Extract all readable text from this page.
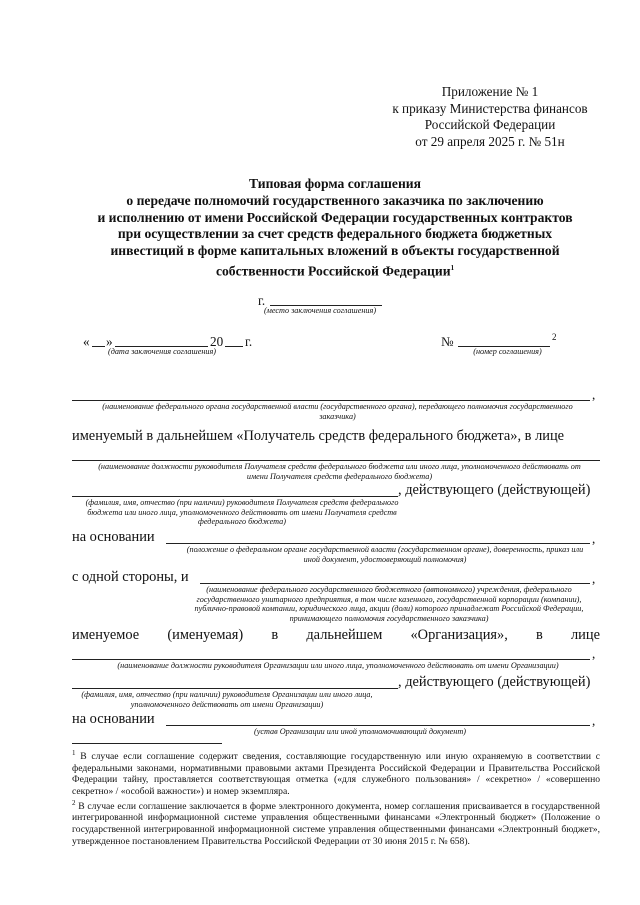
Приложение № 1
к приказу Министерства финансов
Российской Федерации
от 29 апреля 2025 г. № 51н
Типовая форма соглашения
о передаче полномочий государственного заказчика по заключению
и исполнению от имени Российской Федерации государственных контрактов
при осуществлении за счет средств федерального бюджета бюджетных
инвестиций в форме капитальных вложений в объекты государственной
собственности Российской Федерации$^1$
г.
(место заключения соглашения)
« »	20 г.
(дата заключения соглашения)
№	2
(номер соглашения)
,
(наименование федерального органа государственной власти (государственного органа), передающего полномочия государственного заказчика)
именуемый в дальнейшем «Получатель средств федерального бюджета», в лице
(наименование должности руководителя Получателя средств федерального бюджета или иного лица, уполномоченного действовать от имени Получателя средств федерального бюджета)
, действующего (действующей)
(фамилия, имя, отчество (при наличии) руководителя Получателя средств федерального бюджета или иного лица, уполномоченного действовать от имени Получателя средств федерального бюджета)
на основании	,
(положение о федеральном органе государственной власти (государственном органе), доверенность, приказ или иной документ, удостоверяющий полномочия)
с одной стороны, и	,
(наименование федерального государственного бюджетного (автономного) учреждения, федерального государственного унитарного предприятия, в том числе казенного, государственной корпорации (компании), публично-правовой компании, юридического лица, акции (доли) которого принадлежат Российской Федерации, принимающего полномочия государственного заказчика)
именуемое (именуемая) в дальнейшем «Организация», в лице
,
(наименование должности руководителя Организации или иного лица, уполномоченного действовать от имени Организации)
, действующего (действующей)
(фамилия, имя, отчество (при наличии) руководителя Организации или иного лица, уполномоченного действовать от имени Организации)
на основании	,
(устав Организации или иной уполномочивающий документ)

$^1$ В случае если соглашение содержит сведения, составляющие государственную или иную охраняемую в соответствии с федеральными законами, нормативными правовыми актами Президента Российской Федерации и Правительства Российской Федерации тайну, проставляется соответствующая отметка («для служебного пользования» / «секретно» / «совершенно секретно» / «особой важности») и номер экземпляра.

$^2$ В случае если соглашение заключается в форме электронного документа, номер соглашения присваивается в государственной интегрированной информационной системе управления общественными финансами «Электронный бюджет» (Положение о государственной интегрированной информационной системе управления общественными финансами «Электронный бюджет», утвержденное постановлением Правительства Российской Федерации от 30 июня 2015 г. № 658).
